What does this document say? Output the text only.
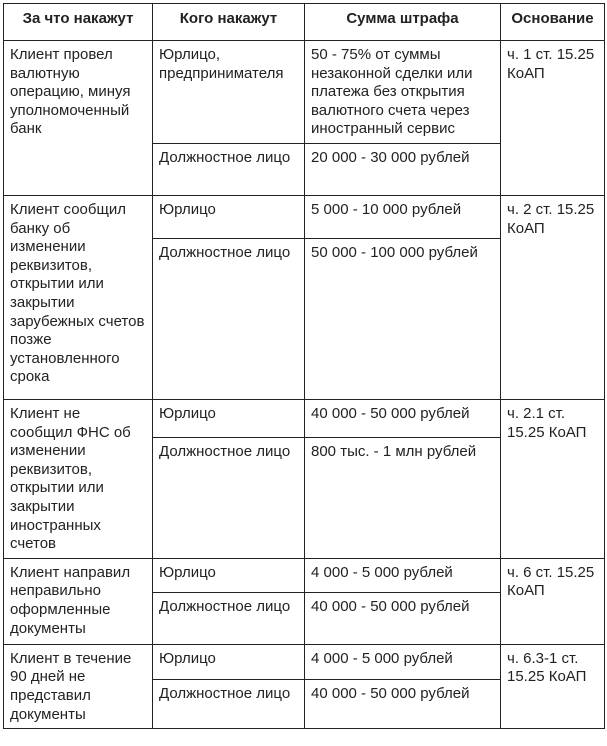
За что накажут	Кого накажут	Сумма штрафа	Основание
Клиент провел валютную операцию, минуя уполномоченный банк	Юрлицо, предпринимателя	50 - 75% от суммы незаконной сделки или платежа без открытия валютного счета через иностранный сервис	ч. 1 ст. 15.25 КоАП
	Должностное лицо	20 000 - 30 000 рублей	
Клиент сообщил банку об изменении реквизитов, открытии или закрытии зарубежных счетов позже установленного срока	Юрлицо	5 000 - 10 000 рублей	ч. 2 ст. 15.25 КоАП
	Должностное лицо	50 000 - 100 000 рублей	
Клиент не сообщил ФНС об изменении реквизитов, открытии или закрытии иностранных счетов	Юрлицо	40 000 - 50 000 рублей	ч. 2.1 ст. 15.25 КоАП
	Должностное лицо	800 тыс. - 1 млн рублей	
Клиент направил неправильно оформленные документы	Юрлицо	4 000 - 5 000 рублей	ч. 6 ст. 15.25 КоАП
	Должностное лицо	40 000 - 50 000 рублей	
Клиент в течение 90 дней не представил документы	Юрлицо	4 000 - 5 000 рублей	ч. 6.3-1 ст. 15.25 КоАП
	Должностное лицо	40 000 - 50 000 рублей	
